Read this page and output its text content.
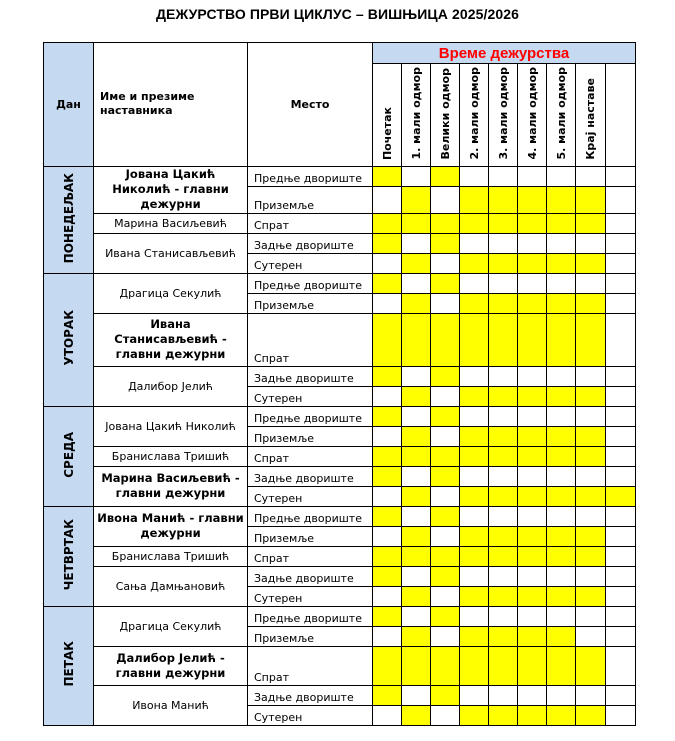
ДЕЖУРСТВО ПРВИ ЦИКЛУС – ВИШЊИЦА 2025/2026
Дан	Име и презиме наставника	Место	Време дежурства								
			Почетак	1. мали одмор	Велики одмор	2. мали одмор	3. мали одмор	4. мали одмор	5. мали одмор	Крај наставе	
ПОНЕДЕЉАК	Јована Цакић Николић - главни дежурни	Предње двориште									
		Приземље									
	Марина Васиљевић	Спрат									
	Ивана Станисављевић	Задње двориште									
		Сутерен									
УТОРАК	Драгица Секулић	Предње двориште									
		Приземље									
	Ивана Станисављевић - главни дежурни	Спрат									
	Далибор Јелић	Задње двориште									
		Сутерен									
СРЕДА	Јована Цакић Николић	Предње двориште									
		Приземље									
	Бранислава Тришић	Спрат									
	Марина Васиљевић - главни дежурни	Задње двориште									
		Сутерен									
ЧЕТВРТАК	Ивона Манић - главни дежурни	Предње двориште									
		Приземље									
	Бранислава Тришић	Спрат									
	Сања Дамњановић	Задње двориште									
		Сутерен									
ПЕТАК	Драгица Секулић	Предње двориште									
		Приземље									
	Далибор Јелић - главни дежурни	Спрат									
	Ивона Манић	Задње двориште									
		Сутерен									
